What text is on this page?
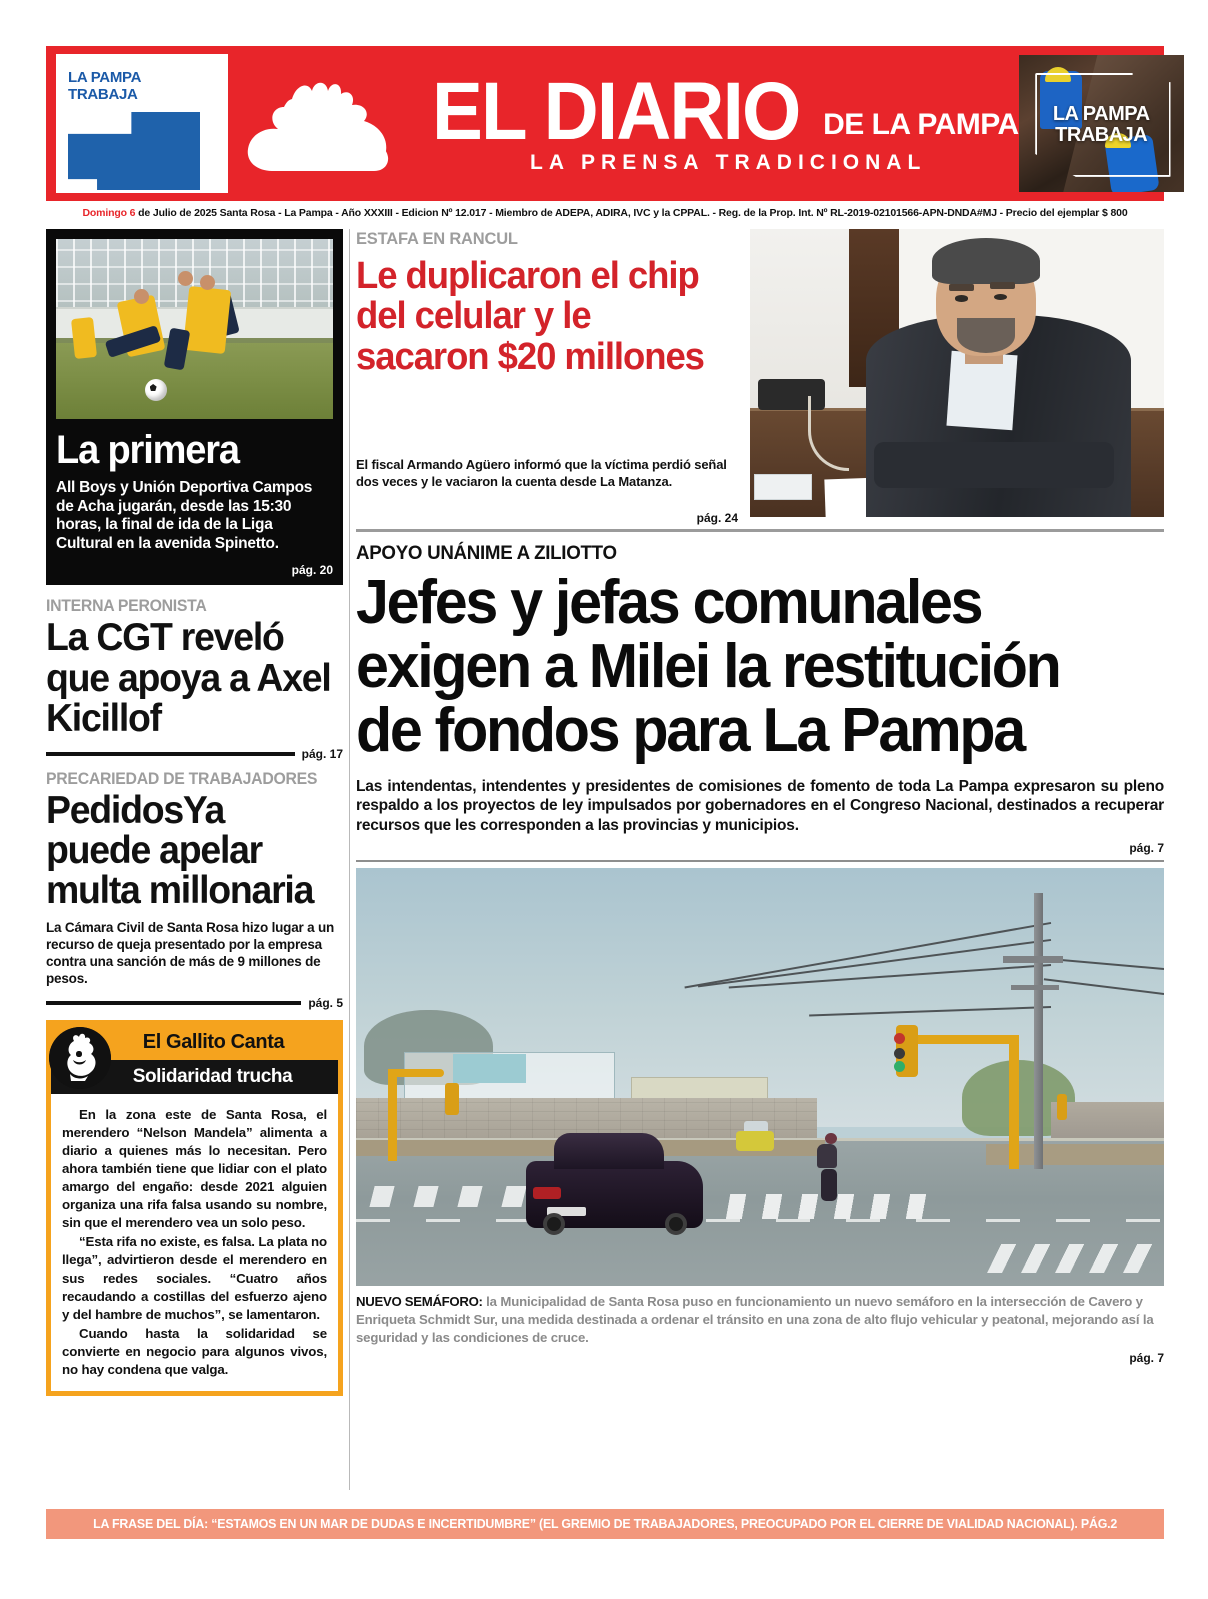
LA PAMPA
TRABAJA	EL DIARIO DE LA PAMPA
LA PRENSA TRADICIONAL
LA PAMPA
TRABAJA
Domingo 6 de Julio de 2025 Santa Rosa - La Pampa - Año XXXIII - Edicion Nº 12.017 - Miembro de ADEPA, ADIRA, IVC y la CPPAL. - Reg. de la Prop. Int. Nº RL-2019-02101566-APN-DNDA#MJ - Precio del ejemplar $ 800
La primera

All Boys y Unión Deportiva Campos de Acha jugarán, desde las 15:30 horas, la final de ida de la Liga Cultural en la avenida Spinetto.

pág. 20
INTERNA PERONISTA
La CGT reveló que apoya a Axel Kicillof
pág. 17
PRECARIEDAD DE TRABAJADORES
PedidosYa puede apelar multa millonaria

La Cámara Civil de Santa Rosa hizo lugar a un recurso de queja presentado por la empresa contra una sanción de más de 9 millones de pesos.

pág. 5
El Gallito Canta
Solidaridad trucha

En la zona este de Santa Rosa, el merendero “Nelson Mandela” alimenta a diario a quienes más lo necesitan. Pero ahora también tiene que lidiar con el plato amargo del engaño: desde 2021 alguien organiza una rifa falsa usando su nombre, sin que el merendero vea un solo peso.

“Esta rifa no existe, es falsa. La plata no llega”, advirtieron desde el merendero en sus redes sociales. “Cuatro años recaudando a costillas del esfuerzo ajeno y del hambre de muchos”, se lamentaron.

Cuando hasta la solidaridad se convierte en negocio para algunos vivos, no hay condena que valga.

ESTAFA EN RANCUL
Le duplicaron el chip del celular y le sacaron $20 millones

El fiscal Armando Agüero informó que la víctima perdió señal dos veces y le vaciaron la cuenta desde La Matanza.

pág. 24
APOYO UNÁNIME A ZILIOTTO
Jefes y jefas comunales exigen a Milei la restitución de fondos para La Pampa

Las intendentas, intendentes y presidentes de comisiones de fomento de toda La Pampa expresaron su pleno respaldo a los proyectos de ley impulsados por gobernadores en el Congreso Nacional, destinados a recuperar recursos que les corresponden a las provincias y municipios.

pág. 7

NUEVO SEMÁFORO: la Municipalidad de Santa Rosa puso en funcionamiento un nuevo semáforo en la intersección de Cavero y Enriqueta Schmidt Sur, una medida destinada a ordenar el tránsito en una zona de alto flujo vehicular y peatonal, mejorando así la seguridad y las condiciones de cruce.

pág. 7
LA FRASE DEL DÍA: “ESTAMOS EN UN MAR DE DUDAS E INCERTIDUMBRE” (EL GREMIO DE TRABAJADORES, PREOCUPADO POR EL CIERRE DE VIALIDAD NACIONAL). PÁG.2
